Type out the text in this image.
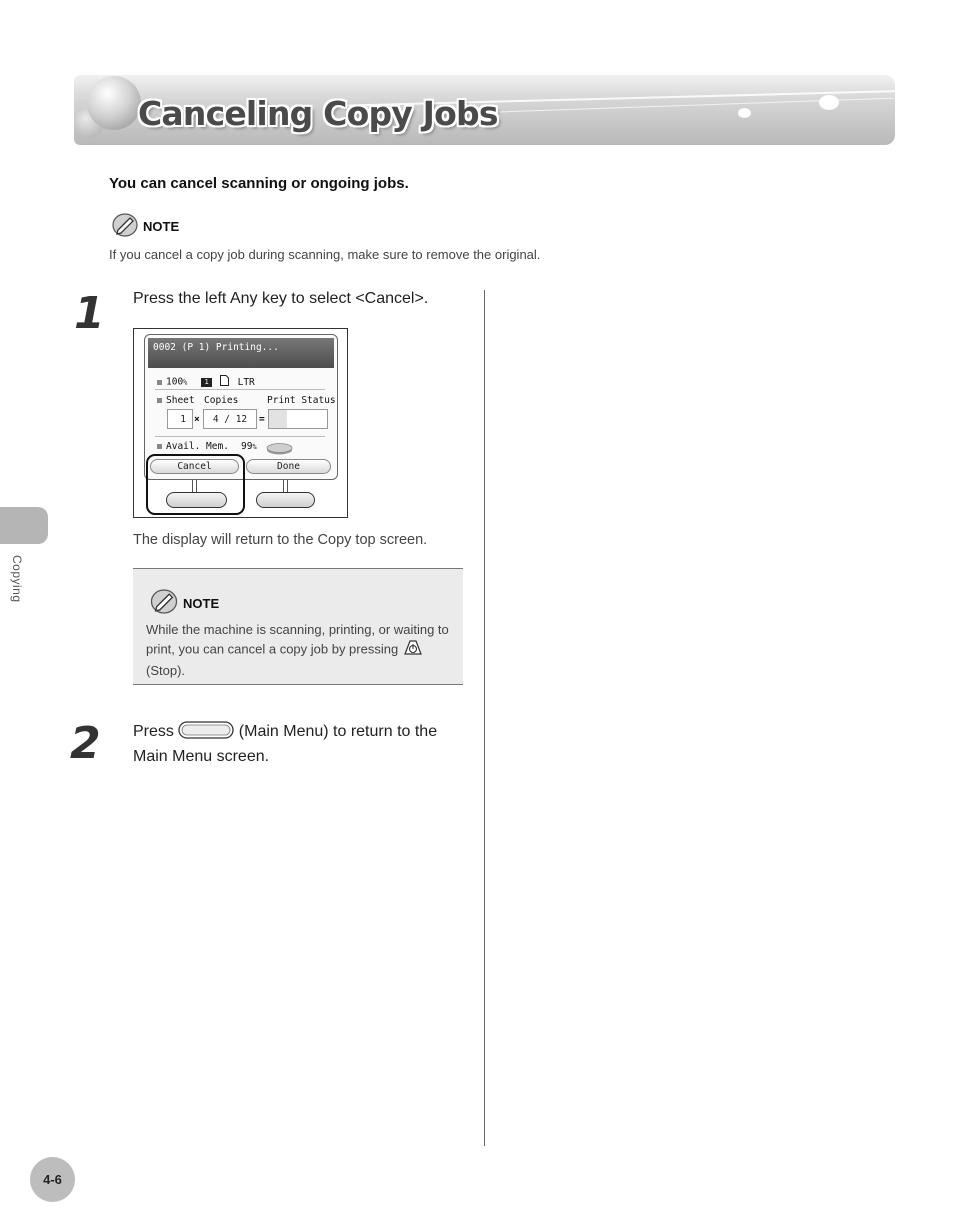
Canceling Copy Jobs
You can cancel scanning or ongoing jobs.
NOTE
If you cancel a copy job during scanning, make sure to remove the original.
1 Press the left Any key to select <Cancel>.
0002 (P 1) Printing...
100% 1	LTR
Sheet Copies	Print Status
1 ×	4 / 12	=
Avail. Mem. 99%
Cancel	Done
The display will return to the Copy top screen.
NOTE
While the machine is scanning, printing, or waiting to print, you can cancel a copy job by pressing  (Stop).
2 Press	(Main Menu) to return to the Main Menu screen.
Copying
4-6
